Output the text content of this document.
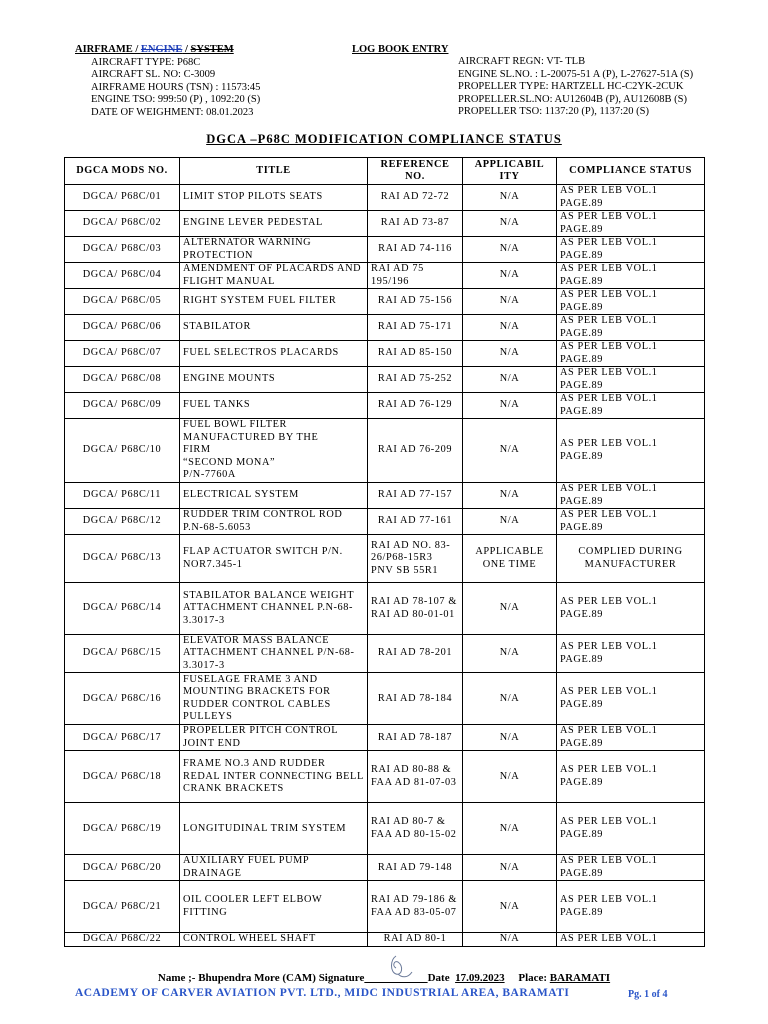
AIRFRAME / ENGINE / SYSTEM
AIRCRAFT TYPE: P68C
AIRCRAFT SL. NO: C-3009
AIRFRAME HOURS (TSN) : 11573:45
ENGINE TSO: 999:50 (P) , 1092:20 (S)
DATE OF WEIGHMENT: 08.01.2023
LOG BOOK ENTRY
AIRCRAFT REGN: VT- TLB
ENGINE SL.NO. : L-20075-51 A (P), L-27627-51A (S)
PROPELLER TYPE: HARTZELL HC-C2YK-2CUK
PROPELLER.SL.NO: AU12604B (P), AU12608B (S)
PROPELLER TSO: 1137:20 (P), 1137:20 (S)
DGCA –P68C MODIFICATION COMPLIANCE STATUS
DGCA MODS NO.	TITLE	REFERENCE NO.	APPLICABIL ITY	COMPLIANCE STATUS
DGCA/ P68C/01	LIMIT STOP PILOTS SEATS	RAI AD 72-72	N/A	AS PER LEB VOL.1 PAGE.89
DGCA/ P68C/02	ENGINE LEVER PEDESTAL	RAI AD 73-87	N/A	AS PER LEB VOL.1 PAGE.89
DGCA/ P68C/03	ALTERNATOR WARNING PROTECTION	RAI AD 74-116	N/A	AS PER LEB VOL.1 PAGE.89
DGCA/ P68C/04	AMENDMENT OF PLACARDS AND FLIGHT MANUAL	RAI AD 75 195/196	N/A	AS PER LEB VOL.1 PAGE.89
DGCA/ P68C/05	RIGHT SYSTEM FUEL FILTER	RAI AD 75-156	N/A	AS PER LEB VOL.1 PAGE.89
DGCA/ P68C/06	STABILATOR	RAI AD 75-171	N/A	AS PER LEB VOL.1 PAGE.89
DGCA/ P68C/07	FUEL SELECTROS PLACARDS	RAI AD 85-150	N/A	AS PER LEB VOL.1 PAGE.89
DGCA/ P68C/08	ENGINE MOUNTS	RAI AD 75-252	N/A	AS PER LEB VOL.1 PAGE.89
DGCA/ P68C/09	FUEL TANKS	RAI AD 76-129	N/A	AS PER LEB VOL.1 PAGE.89
DGCA/ P68C/10	FUEL BOWL FILTER
MANUFACTURED BY THE
FIRM
“SECOND MONA”
P/N-7760A	RAI AD 76-209	N/A	AS PER LEB VOL.1 PAGE.89
DGCA/ P68C/11	ELECTRICAL SYSTEM	RAI AD 77-157	N/A	AS PER LEB VOL.1 PAGE.89
DGCA/ P68C/12	RUDDER TRIM CONTROL ROD P.N-68-5.6053	RAI AD 77-161	N/A	AS PER LEB VOL.1 PAGE.89
DGCA/ P68C/13	FLAP ACTUATOR SWITCH P/N. NOR7.345-1	RAI AD NO. 83-26/P68-15R3
PNV SB 55R1	APPLICABLE ONE TIME	COMPLIED DURING MANUFACTURER
DGCA/ P68C/14	STABILATOR BALANCE WEIGHT ATTACHMENT CHANNEL P.N-68-3.3017-3	RAI AD 78-107 &
RAI AD 80-01-01	N/A	AS PER LEB VOL.1 PAGE.89
DGCA/ P68C/15	ELEVATOR MASS BALANCE ATTACHMENT CHANNEL P/N-68-3.3017-3	RAI AD 78-201	N/A	AS PER LEB VOL.1 PAGE.89
DGCA/ P68C/16	FUSELAGE FRAME 3 AND MOUNTING BRACKETS FOR RUDDER CONTROL CABLES PULLEYS	RAI AD 78-184	N/A	AS PER LEB VOL.1 PAGE.89
DGCA/ P68C/17	PROPELLER PITCH CONTROL JOINT END	RAI AD 78-187	N/A	AS PER LEB VOL.1 PAGE.89
DGCA/ P68C/18	FRAME NO.3 AND RUDDER REDAL INTER CONNECTING BELL CRANK BRACKETS	RAI AD 80-88 &
FAA AD 81-07-03	N/A	AS PER LEB VOL.1 PAGE.89
DGCA/ P68C/19	LONGITUDINAL TRIM SYSTEM	RAI AD 80-7 &
FAA AD 80-15-02	N/A	AS PER LEB VOL.1 PAGE.89
DGCA/ P68C/20	AUXILIARY FUEL PUMP DRAINAGE	RAI AD 79-148	N/A	AS PER LEB VOL.1 PAGE.89
DGCA/ P68C/21	OIL COOLER LEFT ELBOW FITTING	RAI AD 79-186 &
FAA AD 83-05-07	N/A	AS PER LEB VOL.1 PAGE.89
DGCA/ P68C/22	CONTROL WHEEL SHAFT	RAI AD 80-1	N/A	AS PER LEB VOL.1
Name ;- Bhupendra More (CAM) Signature	Date 17.09.2023 Place: BARAMATI
ACADEMY OF CARVER AVIATION PVT. LTD., MIDC INDUSTRIAL AREA, BARAMATI	Pg. 1 of 4
